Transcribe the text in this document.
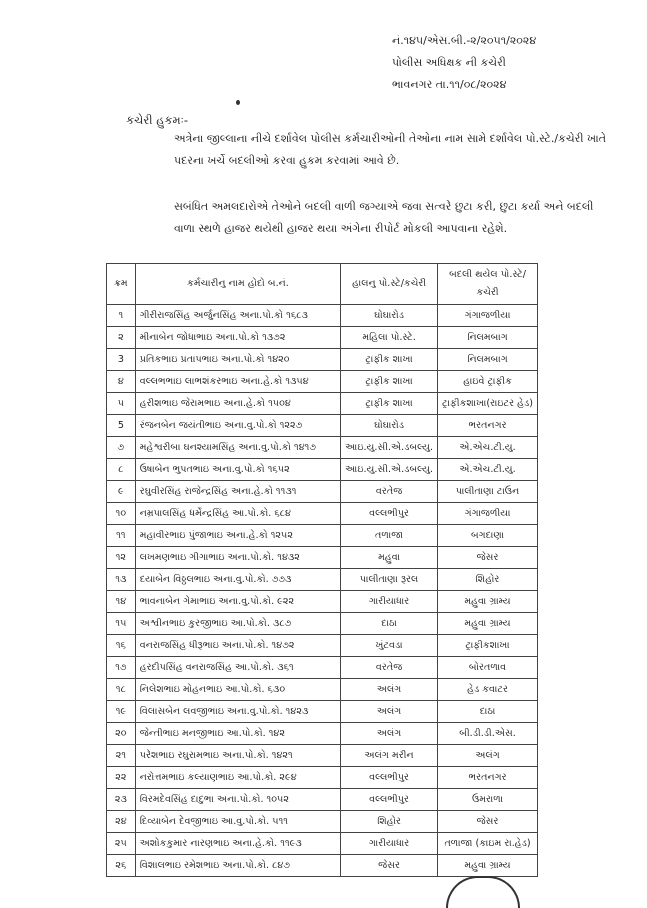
નં.૧૪૫/એસ.બી.-૨/૨૦૫૧/૨૦૨૪
પોલીસ અધિક્ષક ની કચેરી
ભાવનગર તા.૧૧/૦૮/૨૦૨૪
કચેરી હુકમઃ-
અત્રેના જીલ્લાના નીચે દર્શાવેલ પોલીસ કર્મચારીઓની તેઓના નામ સામે દર્શાવેલ પો.સ્ટે./કચેરી ખાતે પદરના ખર્ચે બદલીઓ કરવા હુકમ કરવામાં આવે છે.
સબંધિત અમલદારોએ તેઓને બદલી વાળી જગ્યાએ જવા સત્વરે છુટા કરી, છુટા કર્યા અને બદલી વાળા સ્થળે હાજર થયેથી હાજર થયા અંગેના રીપોર્ટ મોકલી આપવાના રહેશે.
ક્રમ	કર્મચારીનુ નામ હોદો બ.નં.	હાલનુ પો.સ્ટે/કચેરી	બદલી થયેલ પો.સ્ટે/કચેરી
૧	ગીરીરાજસિંહ અર્જુનસિંહ અના.પો.કો ૧૬૮૩	ઘોઘારોડ	ગંગાજળીયા
૨	મીનાબેન જોધાભાઇ અના.પો.કો ૧૩૭૨	મહિલા પો.સ્ટે.	નિલમબાગ
3	પ્રતિકભાઇ પ્રતાપભાઇ અના.પો.કો ૧૪૨૦	ટ્રાફીક શાખા	નિલમબાગ
૪	વલ્લભભાઇ લાભશંકરભાઇ અના.હે.કો ૧૩૫૪	ટ્રાફીક શાખા	હાઇવે ટ્રાફીક
૫	હરીશભાઇ જેરામભાઇ અના.હે.કો ૧૫૦૪	ટ્રાફીક શાખા	ટ્રાફીકશાખા(રાઇટર હેડ)
5	રંજનબેન જયંતીભાઇ અના.વુ.પો.કો ૧૨૨૭	ઘોઘારોડ	ભરતનગર
૭	મહેશ્વરીબા ઘનશ્યામસિંહ અના.વુ.પો.કો ૧૪૧૭	આઇ.યુ.સી.એ.ડબલ્યુ.	એ.એચ.ટી.યુ.
૮	ઉષાબેન ભુપતભાઇ અના.વુ.પો.કો ૧૬૫૨	આઇ.યુ.સી.એ.ડબલ્યુ.	એ.એચ.ટી.યુ.
૯	રઘુવીરસિંહ રાજેન્દ્રસિંહ અના.હે.કો ૧૧૩૧	વરતેજ	પાલીતાણા ટાઉન
૧૦	નમ્રપાલસિંહ ધર્મેન્દ્રસિંહ આ.પો.કો. ૬૮૪	વલ્લભીપુર	ગંગાજળીયા
૧૧	મહાવીરભાઇ પુંજાભાઇ અના.હે.કો ૧૨૫૨	તળાજા	બગદાણા
૧૨	લખમણભાઇ ગીગાભાઇ અના.પો.કો. ૧૪૩૨	મહુવા	જેસર
૧૩	દયાબેન વિઠ્ઠલભાઇ અના.વુ.પો.કો. ૭૭૩	પાલીતાણા રૂરલ	શિહોર
૧૪	ભાવનાબેન ગેમાભાઇ અના.વુ.પો.કો. ૯૨૨	ગારીયાધાર	મહુવા ગ્રામ્ય
૧૫	અશ્વીનભાઇ કુરજીભાઇ આ.પો.કો. ૩૮૭	દાઠા	મહુવા ગ્રામ્ય
૧૬	વનરાજસિંહ ધીરૂભાઇ અના.પો.કો. ૧૪૭૨	ખુંટવડા	ટ્રાફીકશાખા
૧૭	હરદીપસિંહ વનરાજસિંહ આ.પો.કો. ૩૬૧	વરતેજ	બોરતળાવ
૧૮	નિલેશભાઇ મોહનભાઇ આ.પો.કો. ૬૩૦	અલંગ	હેડ કવાટર
૧૯	વિલાસબેન લવજીભાઇ અના.વુ.પો.કો. ૧૪૨૩	અલંગ	દાઠા
૨૦	જેન્તીભાઇ મનજીભાઇ આ.પો.કો. ૧૪૨	અલંગ	બી.ડી.ડી.એસ.
૨૧	પરેશભાઇ રઘુરામભાઇ અના.પો.કો. ૧૪૨૧	અલંગ મરીન	અલંગ
૨૨	નરોત્તમભાઇ કલ્યાણભાઇ આ.પો.કો. ૨૯૪	વલ્લભીપુર	ભરતનગર
૨૩	વિરમદેવસિંહ દાદુભા અના.પો.કો. ૧૦૫૨	વલ્લભીપુર	ઉમરાળા
૨૪	દિવ્યાબેન દેવજીભાઇ આ.વુ.પો.કો. ૫૧૧	શિહોર	જેસર
૨૫	અશોકકુમાર નારણભાઇ અના.હે.કો. ૧૧૯૩	ગારીયાધાર	તળાજા (કાઇમ રા.હેડ)
૨૬	વિશાલભાઇ રમેશભાઇ અના.પો.કો. ૮૪૭	જેસર	મહુવા ગ્રામ્ય
